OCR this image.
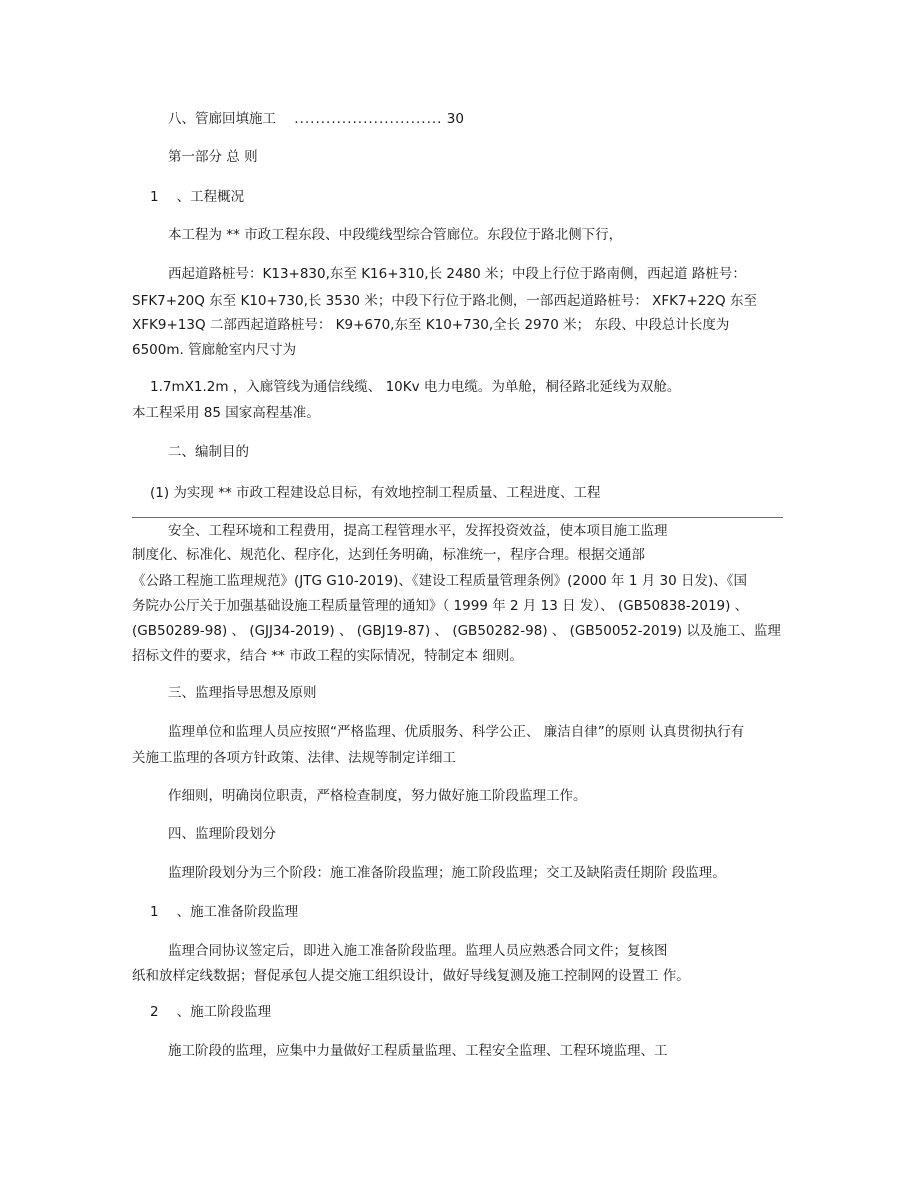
八、管廊回填施工 ............................ 30
第一部分 总 则
1 、工程概况
本工程为 ** 市政工程东段、中段缆线型综合管廊位。东段位于路北侧下行，
西起道路桩号：K13+830,东至 K16+310,长 2480 米；中段上行位于路南侧，西起道 路桩号：
SFK7+20Q 东至 K10+730,长 3530 米；中段下行位于路北侧，一部西起道路桩号： XFK7+22Q 东至
XFK9+13Q 二部西起道路桩号： K9+670,东至 K10+730,全长 2970 米； 东段、中段总计长度为
6500m. 管廊舱室内尺寸为
1.7mX1.2m ，入廊管线为通信线缆、 10Kv 电力电缆。为单舱，桐径路北延线为双舱。
本工程采用 85 国家高程基准。
二、编制目的
(1) 为实现 ** 市政工程建设总目标，有效地控制工程质量、工程进度、工程
安全、工程环境和工程费用，提高工程管理水平，发挥投资效益，使本项目施工监理
制度化、标准化、规范化、程序化，达到任务明确，标准统一，程序合理。根据交通部
《公路工程施工监理规范》(JTG G10-2019)、《建设工程质量管理条例》(2000 年 1 月 30 日发)、《国
务院办公厅关于加强基础设施工程质量管理的通知》（ 1999 年 2 月 13 日 发）、 (GB50838-2019) 、
(GB50289-98) 、 (GJJ34-2019) 、 (GBJ19-87) 、 (GB50282-98) 、 (GB50052-2019) 以及施工、监理
招标文件的要求，结合 ** 市政工程的实际情况，特制定本 细则。
三、监理指导思想及原则
监理单位和监理人员应按照“严格监理、优质服务、科学公正、 廉洁自律”的原则 认真贯彻执行有
关施工监理的各项方针政策、法律、法规等制定详细工
作细则，明确岗位职责，严格检查制度，努力做好施工阶段监理工作。
四、监理阶段划分
监理阶段划分为三个阶段：施工准备阶段监理；施工阶段监理；交工及缺陷责任期阶 段监理。
1 、施工准备阶段监理
监理合同协议签定后，即进入施工准备阶段监理。监理人员应熟悉合同文件；复核图
纸和放样定线数据；督促承包人提交施工组织设计，做好导线复测及施工控制网的设置工 作。
2 、施工阶段监理
施工阶段的监理，应集中力量做好工程质量监理、工程安全监理、工程环境监理、工
